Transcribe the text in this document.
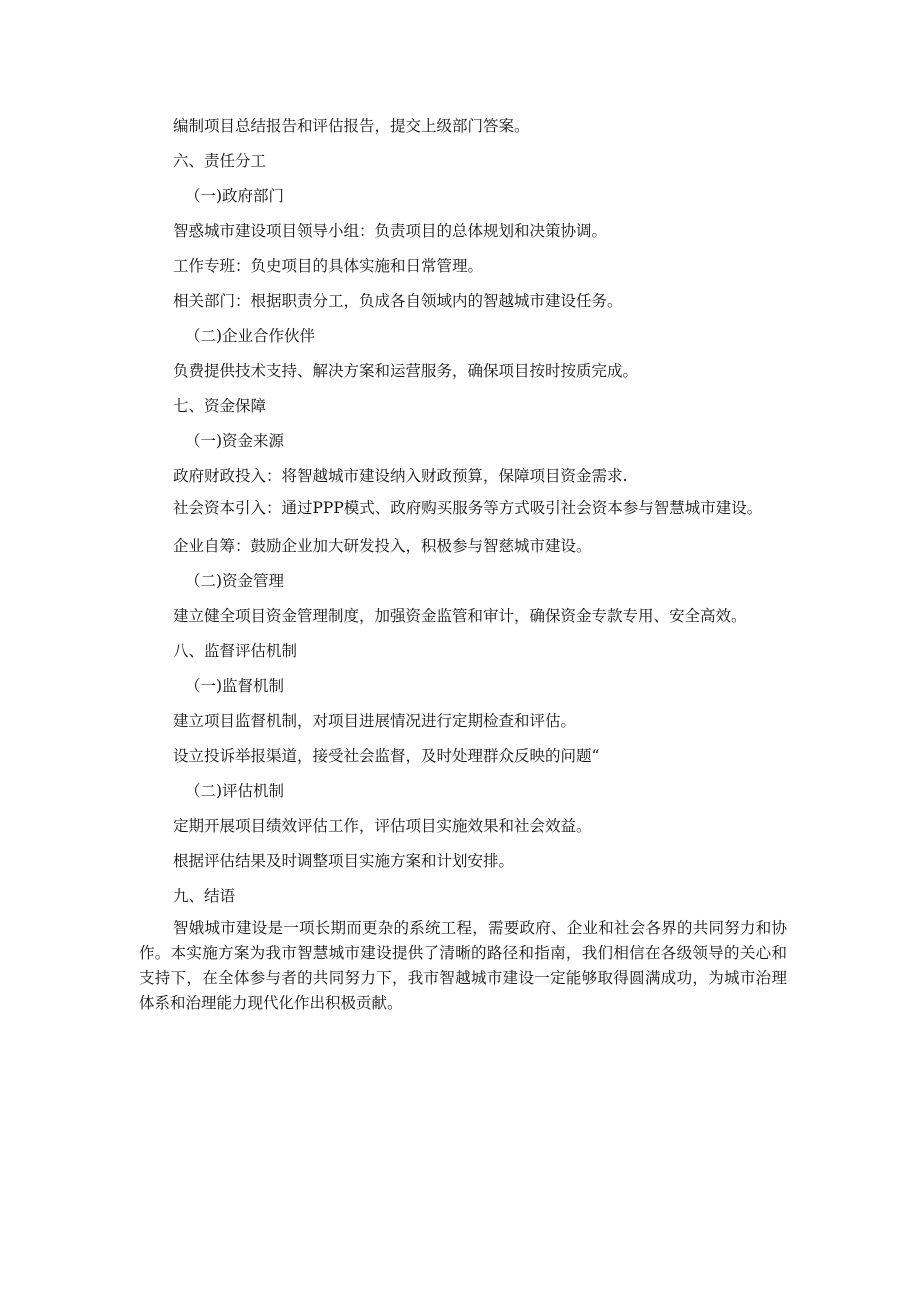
编制项目总结报告和评估报告，提交上级部门答案。
六、责任分工
（一)政府部门
智惑城市建设项目领导小组：负责项目的总体规划和决策协调。
工作专班：负史项目的具体实施和日常管理。
相关部门：根据职责分工，负成各自领域内的智越城市建设任务。
（二)企业合作伙伴
负费提供技术支持、解决方案和运营服务，确保项目按时按质完成。
七、资金保障
（一)资金来源
政府财政投入：将智越城市建设纳入财政预算，保障项目资金需求.
社会资本引入：通过PPP模式、政府购买服务等方式吸引社会资本参与智慧城市建设。
企业自筹：鼓励企业加大研发投入，积极参与智慈城市建设。
（二)资金管理
建立健全项目资金管理制度，加强资金监管和审计，确保资金专款专用、安全高效。
八、监督评估机制
（一)监督机制
建立项目监督机制，对项目进展情况进行定期检查和评估。
设立投诉举报渠道，接受社会监督，及时处理群众反映的问题“
（二)评估机制
定期开展项目绩效评估工作，评估项目实施效果和社会效益。
根据评估结果及时调整项目实施方案和计划安排。
九、结语
智娥城市建设是一项长期而更杂的系统工程，需要政府、企业和社会各界的共同努力和协作。本实施方案为我市智慧城市建设提供了清晰的路径和指南，我们相信在各级领导的关心和支持下，在全体参与者的共同努力下，我市智越城市建设一定能够取得圆满成功，为城市治理体系和治理能力现代化作出积极贡献。
